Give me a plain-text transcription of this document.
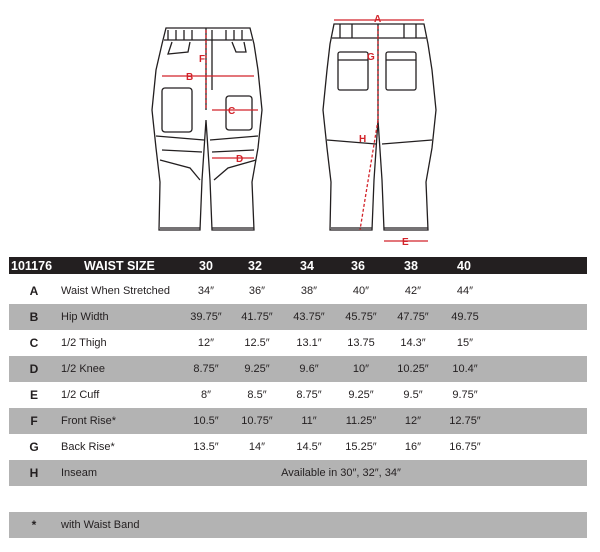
F
B
C
D
A
G
H
E
101176	WAIST SIZE	30	32	34	36	38	40
A	Waist When Stretched	34″	36″	38″	40″	42″	44″
B	Hip Width	39.75″	41.75″	43.75″	45.75″	47.75″	49.75
C	1/2 Thigh	12″	12.5″	13.1″	13.75	14.3″	15″
D	1/2 Knee	8.75″	9.25″	9.6″	10″	10.25″	10.4″
E	1/2 Cuff	8″	8.5″	8.75″	9.25″	9.5″	9.75″
F	Front Rise*	10.5″	10.75″	11″	11.25″	12″	12.75″
G	Back Rise*	13.5″	14″	14.5″	15.25″	16″	16.75″
H	Inseam	Available in 30″, 32″, 34″
*	with Waist Band
